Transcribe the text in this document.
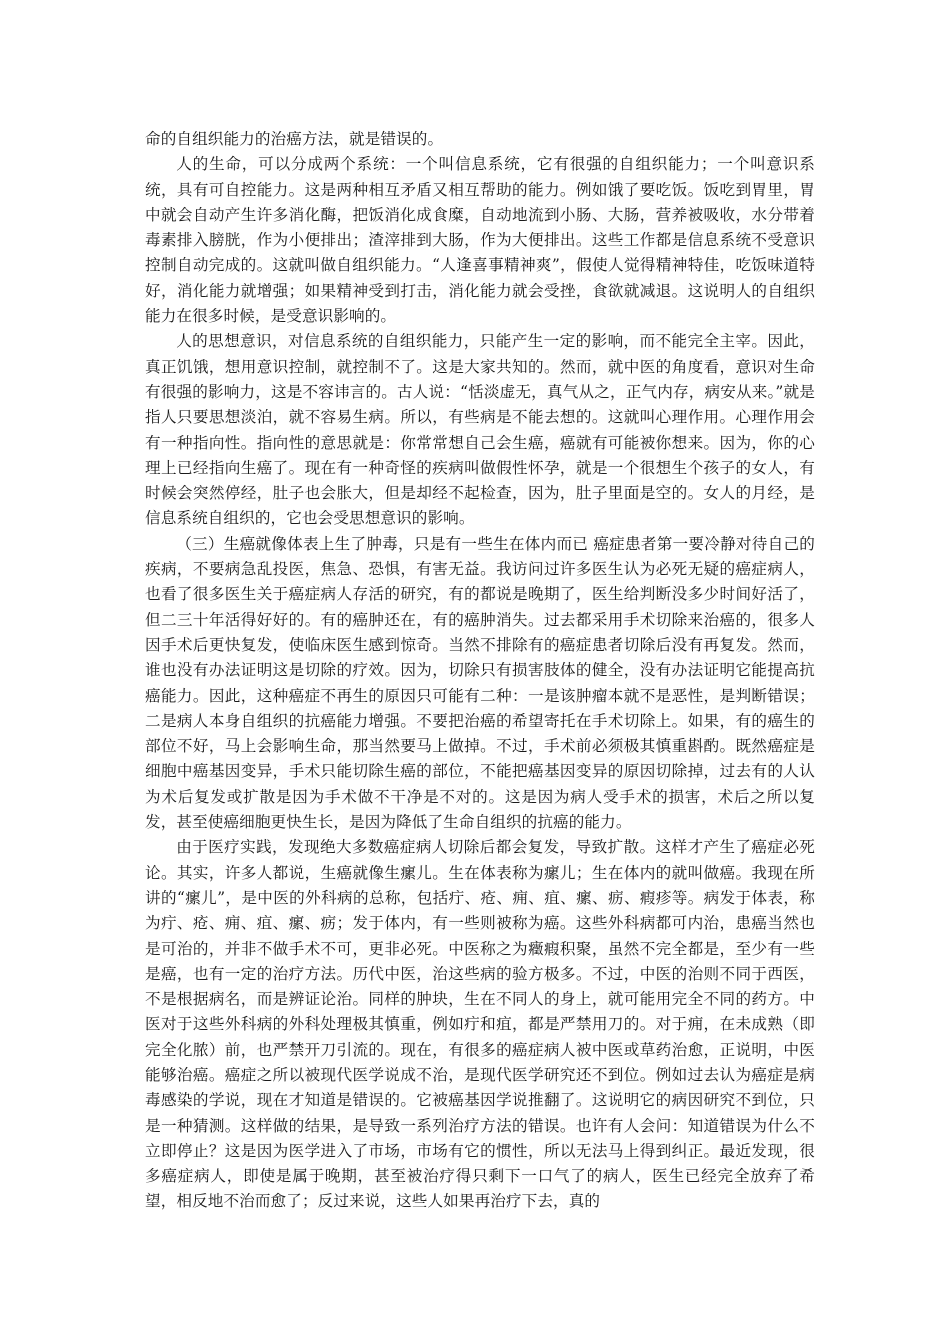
命的自组织能力的治癌方法，就是错误的。

人的生命，可以分成两个系统：一个叫信息系统，它有很强的自组织能力；一个叫意识系统，具有可自控能力。这是两种相互矛盾又相互帮助的能力。例如饿了要吃饭。饭吃到胃里，胃中就会自动产生许多消化酶，把饭消化成食糜，自动地流到小肠、大肠，营养被吸收，水分带着毒素排入膀胱，作为小便排出；渣滓排到大肠，作为大便排出。这些工作都是信息系统不受意识控制自动完成的。这就叫做自组织能力。“人逢喜事精神爽”，假使人觉得精神特佳，吃饭味道特好，消化能力就增强；如果精神受到打击，消化能力就会受挫，食欲就减退。这说明人的自组织能力在很多时候，是受意识影响的。

人的思想意识，对信息系统的自组织能力，只能产生一定的影响，而不能完全主宰。因此，真正饥饿，想用意识控制，就控制不了。这是大家共知的。然而，就中医的角度看，意识对生命有很强的影响力，这是不容讳言的。古人说：“恬淡虚无，真气从之，正气内存，病安从来。”就是指人只要思想淡泊，就不容易生病。所以，有些病是不能去想的。这就叫心理作用。心理作用会有一种指向性。指向性的意思就是：你常常想自己会生癌，癌就有可能被你想来。因为，你的心理上已经指向生癌了。现在有一种奇怪的疾病叫做假性怀孕，就是一个很想生个孩子的女人，有时候会突然停经，肚子也会胀大，但是却经不起检查，因为，肚子里面是空的。女人的月经，是信息系统自组织的，它也会受思想意识的影响。

（三）生癌就像体表上生了肿毒，只是有一些生在体内而已 癌症患者第一要冷静对待自己的疾病，不要病急乱投医，焦急、恐惧，有害无益。我访问过许多医生认为必死无疑的癌症病人，也看了很多医生关于癌症病人存活的研究，有的都说是晚期了，医生给判断没多少时间好活了，但二三十年活得好好的。有的癌肿还在，有的癌肿消失。过去都采用手术切除来治癌的，很多人因手术后更快复发，使临床医生感到惊奇。当然不排除有的癌症患者切除后没有再复发。然而，谁也没有办法证明这是切除的疗效。因为，切除只有损害肢体的健全，没有办法证明它能提高抗癌能力。因此，这种癌症不再生的原因只可能有二种：一是该肿瘤本就不是恶性，是判断错误；二是病人本身自组织的抗癌能力增强。不要把治癌的希望寄托在手术切除上。如果，有的癌生的部位不好，马上会影响生命，那当然要马上做掉。不过，手术前必须极其慎重斟酌。既然癌症是细胞中癌基因变异，手术只能切除生癌的部位，不能把癌基因变异的原因切除掉，过去有的人认为术后复发或扩散是因为手术做不干净是不对的。这是因为病人受手术的损害，术后之所以复发，甚至使癌细胞更快生长，是因为降低了生命自组织的抗癌的能力。

由于医疗实践，发现绝大多数癌症病人切除后都会复发，导致扩散。这样才产生了癌症必死论。其实，许多人都说，生癌就像生瘰儿。生在体表称为瘰儿；生在体内的就叫做癌。我现在所讲的“瘰儿”，是中医的外科病的总称，包括疔、疮、痈、疽、瘰、疬、瘕疹等。病发于体表，称为疔、疮、痈、疽、瘰、疬；发于体内，有一些则被称为癌。这些外科病都可内治，患癌当然也是可治的，并非不做手术不可，更非必死。中医称之为癥瘕积聚，虽然不完全都是，至少有一些是癌，也有一定的治疗方法。历代中医，治这些病的验方极多。不过，中医的治则不同于西医，不是根据病名，而是辨证论治。同样的肿块，生在不同人的身上，就可能用完全不同的药方。中医对于这些外科病的外科处理极其慎重，例如疔和疽，都是严禁用刀的。对于痈，在未成熟（即完全化脓）前，也严禁开刀引流的。现在，有很多的癌症病人被中医或草药治愈，正说明，中医能够治癌。癌症之所以被现代医学说成不治，是现代医学研究还不到位。例如过去认为癌症是病毒感染的学说，现在才知道是错误的。它被癌基因学说推翻了。这说明它的病因研究不到位，只是一种猜测。这样做的结果，是导致一系列治疗方法的错误。也许有人会问：知道错误为什么不立即停止？这是因为医学进入了市场，市场有它的惯性，所以无法马上得到纠正。最近发现，很多癌症病人，即使是属于晚期，甚至被治疗得只剩下一口气了的病人，医生已经完全放弃了希望，相反地不治而愈了；反过来说，这些人如果再治疗下去，真的
